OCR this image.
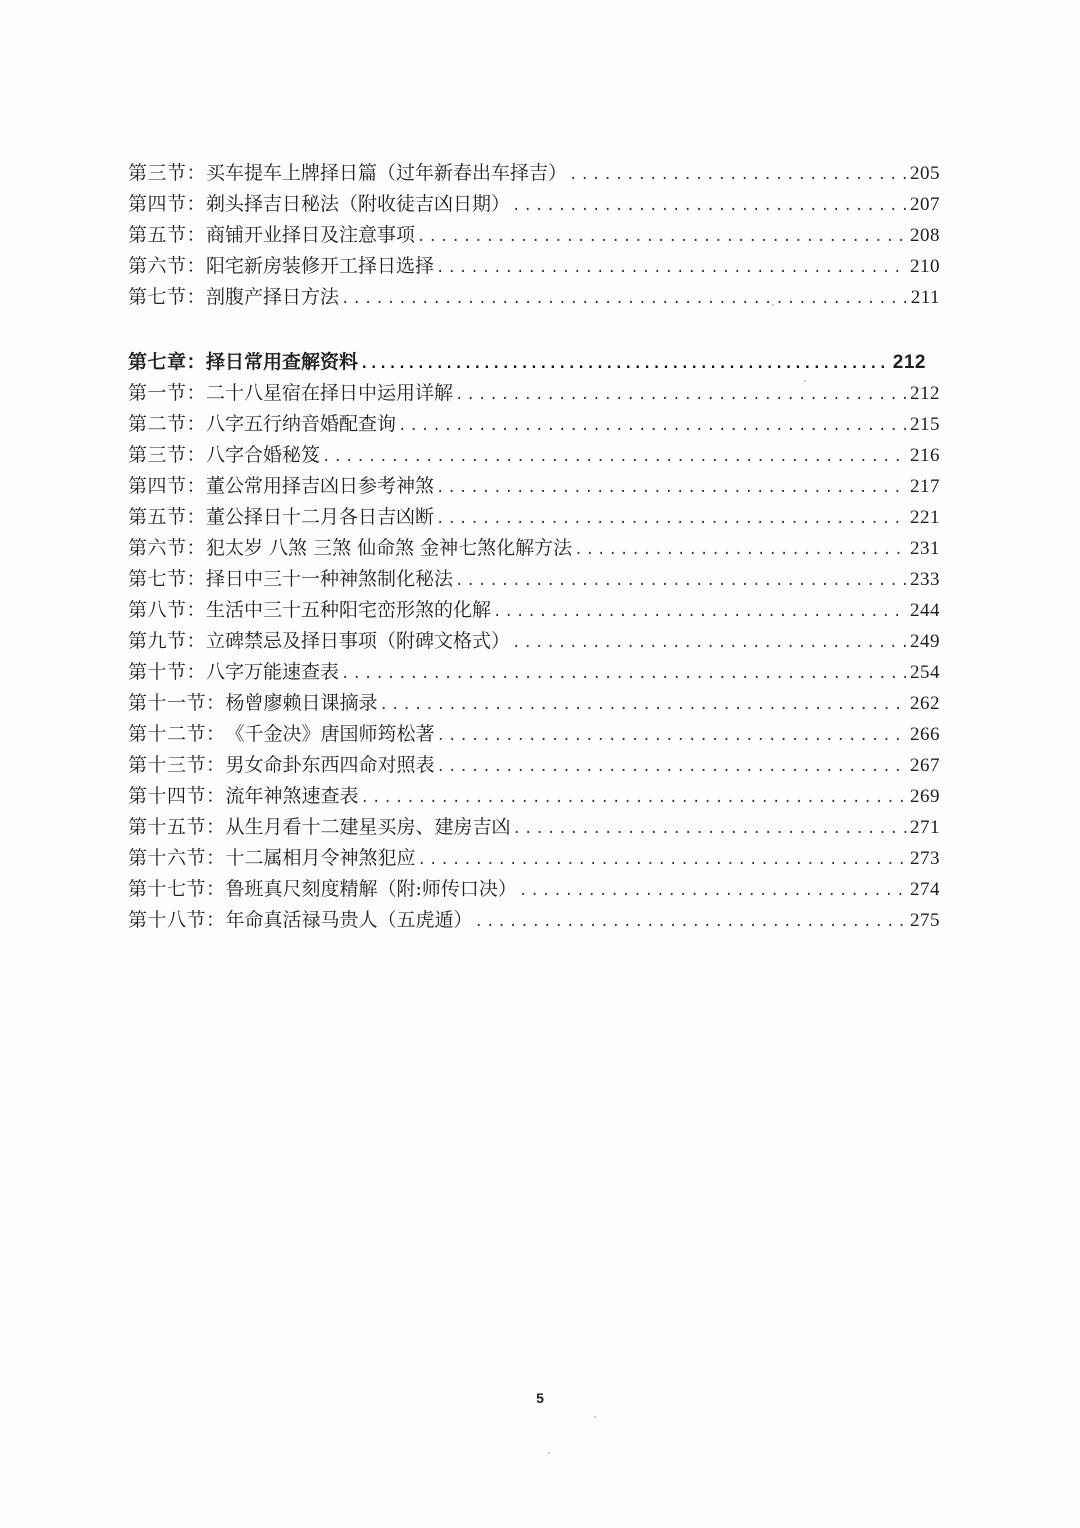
第三节： 买车提车上牌择日篇（过年新春出车择吉） .....	205
第四节： 剃头择吉日秘法（附收徒吉凶日期） .....	207
第五节： 商铺开业择日及注意事项 .....	208
第六节： 阳宅新房装修开工择日选择 .....	210
第七节： 剖腹产择日方法 .....	211
第七章： 择日常用查解资料 .....	212
第一节： 二十八星宿在择日中运用详解 .....	212
第二节： 八字五行纳音婚配查询 .....	215
第三节： 八字合婚秘笈 .....	216
第四节： 董公常用择吉凶日参考神煞 .....	217
第五节： 董公择日十二月各日吉凶断 .....	221
第六节： 犯太岁 八煞 三煞 仙命煞 金神七煞化解方法 .....	231
第七节： 择日中三十一种神煞制化秘法 .....	233
第八节： 生活中三十五种阳宅峦形煞的化解 .....	244
第九节： 立碑禁忌及择日事项（附碑文格式） .....	249
第十节： 八字万能速查表 .....	254
第十一节： 杨曾廖赖日课摘录 .....	262
第十二节： 《千金决》唐国师筠松著 .....	266
第十三节： 男女命卦东西四命对照表 .....	267
第十四节： 流年神煞速查表 .....	269
第十五节： 从生月看十二建星买房、建房吉凶 .....	271
第十六节： 十二属相月令神煞犯应 .....	273
第十七节： 鲁班真尺刻度精解（附:师传口决） .....	274
第十八节： 年命真活禄马贵人（五虎遁） .....	275
5
